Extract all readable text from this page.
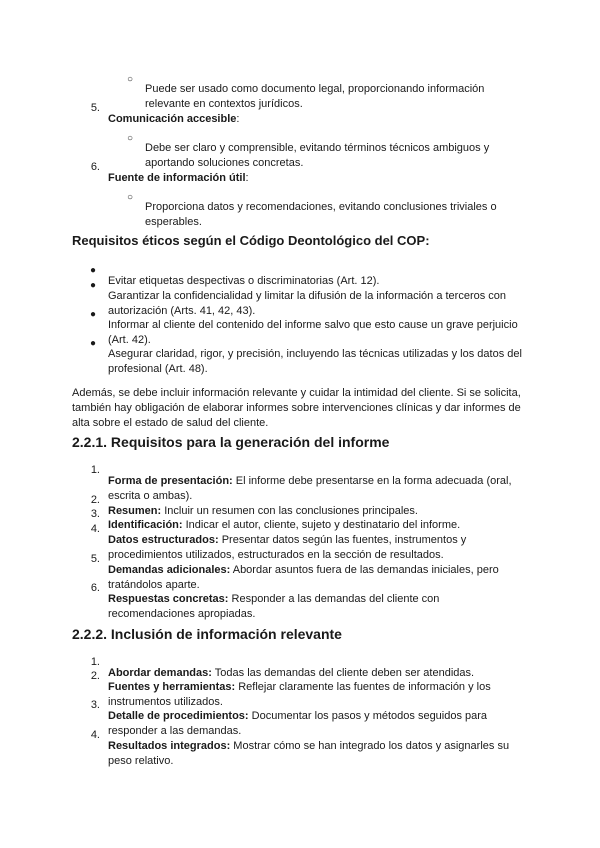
○

Puede ser usado como documento legal, proporcionando información relevante en contextos jurídicos.

5.

Comunicación accesible:

○

Debe ser claro y comprensible, evitando términos técnicos ambiguos y aportando soluciones concretas.

6.

Fuente de información útil:

○

Proporciona datos y recomendaciones, evitando conclusiones triviales o esperables.

Requisitos éticos según el Código Deontológico del COP:
●

Evitar etiquetas despectivas o discriminatorias (Art. 12).

●

Garantizar la confidencialidad y limitar la difusión de la información a terceros con autorización (Arts. 41, 42, 43).

●

Informar al cliente del contenido del informe salvo que esto cause un grave perjuicio (Art. 42).

●

Asegurar claridad, rigor, y precisión, incluyendo las técnicas utilizadas y los datos del profesional (Art. 48).

Además, se debe incluir información relevante y cuidar la intimidad del cliente. Si se solicita, también hay obligación de elaborar informes sobre intervenciones clínicas y dar informes de alta sobre el estado de salud del cliente.

2.2.1. Requisitos para la generación del informe
1.

Forma de presentación: El informe debe presentarse en la forma adecuada (oral, escrita o ambas).

2.

Resumen: Incluir un resumen con las conclusiones principales.

3.

Identificación: Indicar el autor, cliente, sujeto y destinatario del informe.

4.

Datos estructurados: Presentar datos según las fuentes, instrumentos y procedimientos utilizados, estructurados en la sección de resultados.

5.

Demandas adicionales: Abordar asuntos fuera de las demandas iniciales, pero tratándolos aparte.

6.

Respuestas concretas: Responder a las demandas del cliente con recomendaciones apropiadas.

2.2.2. Inclusión de información relevante
1.

Abordar demandas: Todas las demandas del cliente deben ser atendidas.

2.

Fuentes y herramientas: Reflejar claramente las fuentes de información y los instrumentos utilizados.

3.

Detalle de procedimientos: Documentar los pasos y métodos seguidos para responder a las demandas.

4.

Resultados integrados: Mostrar cómo se han integrado los datos y asignarles su peso relativo.
